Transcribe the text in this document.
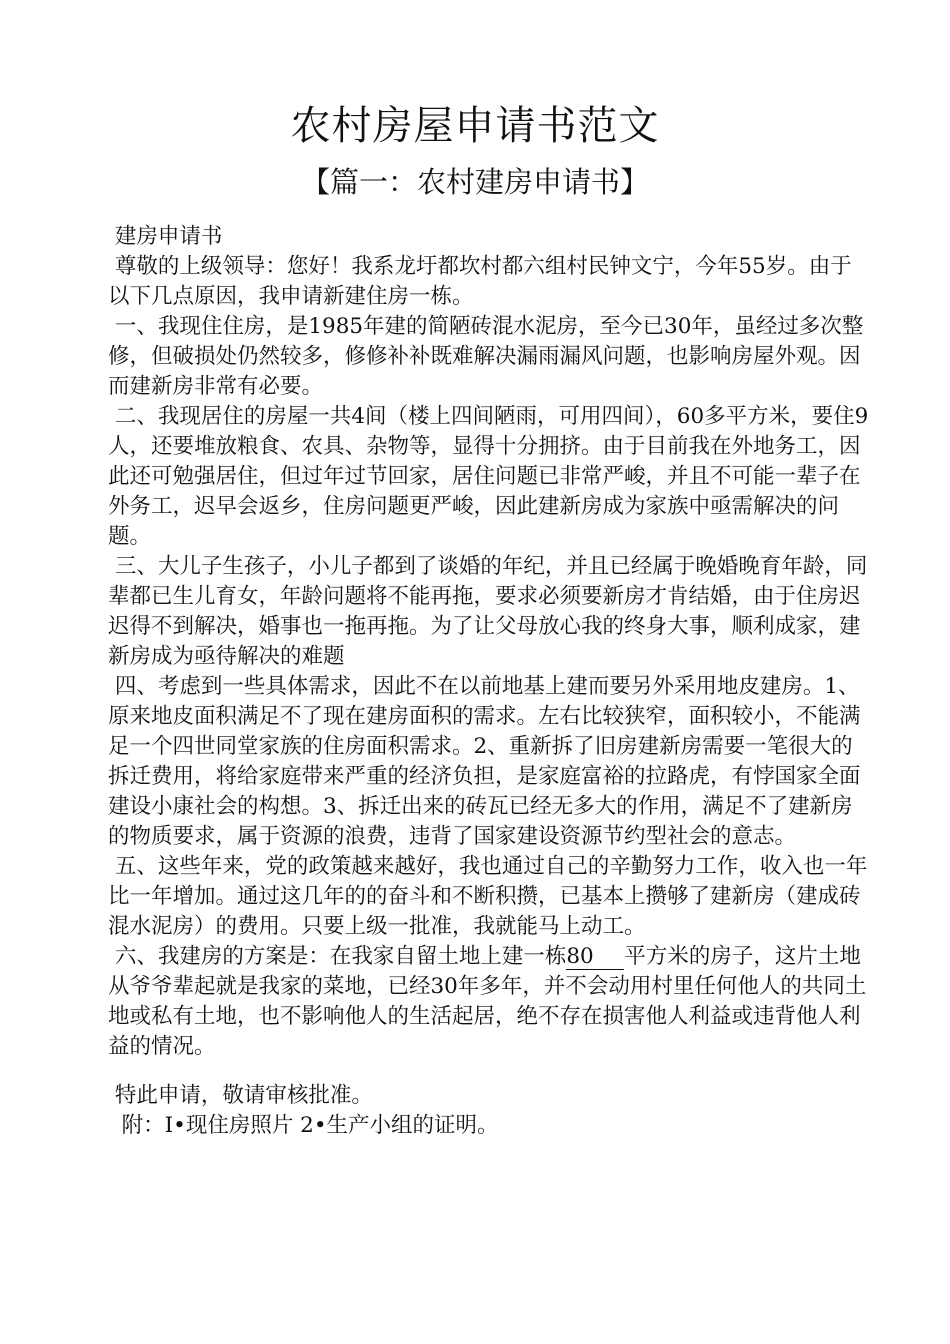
农村房屋申请书范文
【篇一：农村建房申请书】

建房申请书

尊敬的上级领导：您好！我系龙圩都坎村都六组村民钟文宁，今年55岁。由于以下几点原因，我申请新建住房一栋。

一、我现住住房，是1985年建的简陋砖混水泥房，至今已30年，虽经过多次整修，但破损处仍然较多，修修补补既难解决漏雨漏风问题，也影响房屋外观。因而建新房非常有必要。

二、我现居住的房屋一共4间（楼上四间陋雨，可用四间），60多平方米，要住9人，还要堆放粮食、农具、杂物等，显得十分拥挤。由于目前我在外地务工，因此还可勉强居住，但过年过节回家，居住问题已非常严峻，并且不可能一辈子在外务工，迟早会返乡，住房问题更严峻，因此建新房成为家族中亟需解决的问题。

三、大儿子生孩子，小儿子都到了谈婚的年纪，并且已经属于晚婚晚育年龄，同辈都已生儿育女，年龄问题将不能再拖，要求必须要新房才肯结婚，由于住房迟迟得不到解决，婚事也一拖再拖。为了让父母放心我的终身大事，顺利成家，建新房成为亟待解决的难题

四、考虑到一些具体需求，因此不在以前地基上建而要另外采用地皮建房。1、原来地皮面积满足不了现在建房面积的需求。左右比较狭窄，面积较小，不能满足一个四世同堂家族的住房面积需求。2、重新拆了旧房建新房需要一笔很大的拆迁费用，将给家庭带来严重的经济负担，是家庭富裕的拉路虎，有悖国家全面建设小康社会的构想。3、拆迁出来的砖瓦已经无多大的作用，满足不了建新房的物质要求，属于资源的浪费，违背了国家建设资源节约型社会的意志。

五、这些年来，党的政策越来越好，我也通过自己的辛勤努力工作，收入也一年比一年增加。通过这几年的的奋斗和不断积攒，已基本上攒够了建新房（建成砖混水泥房）的费用。只要上级一批准，我就能马上动工。

六、我建房的方案是：在我家自留土地上建一栋80 平方米的房子，这片土地从爷爷辈起就是我家的菜地，已经30年多年，并不会动用村里任何他人的共同土地或私有土地，也不影响他人的生活起居，绝不存在损害他人利益或违背他人利益的情况。

特此申请，敬请审核批准。

附：I•现住房照片 2•生产小组的证明。
